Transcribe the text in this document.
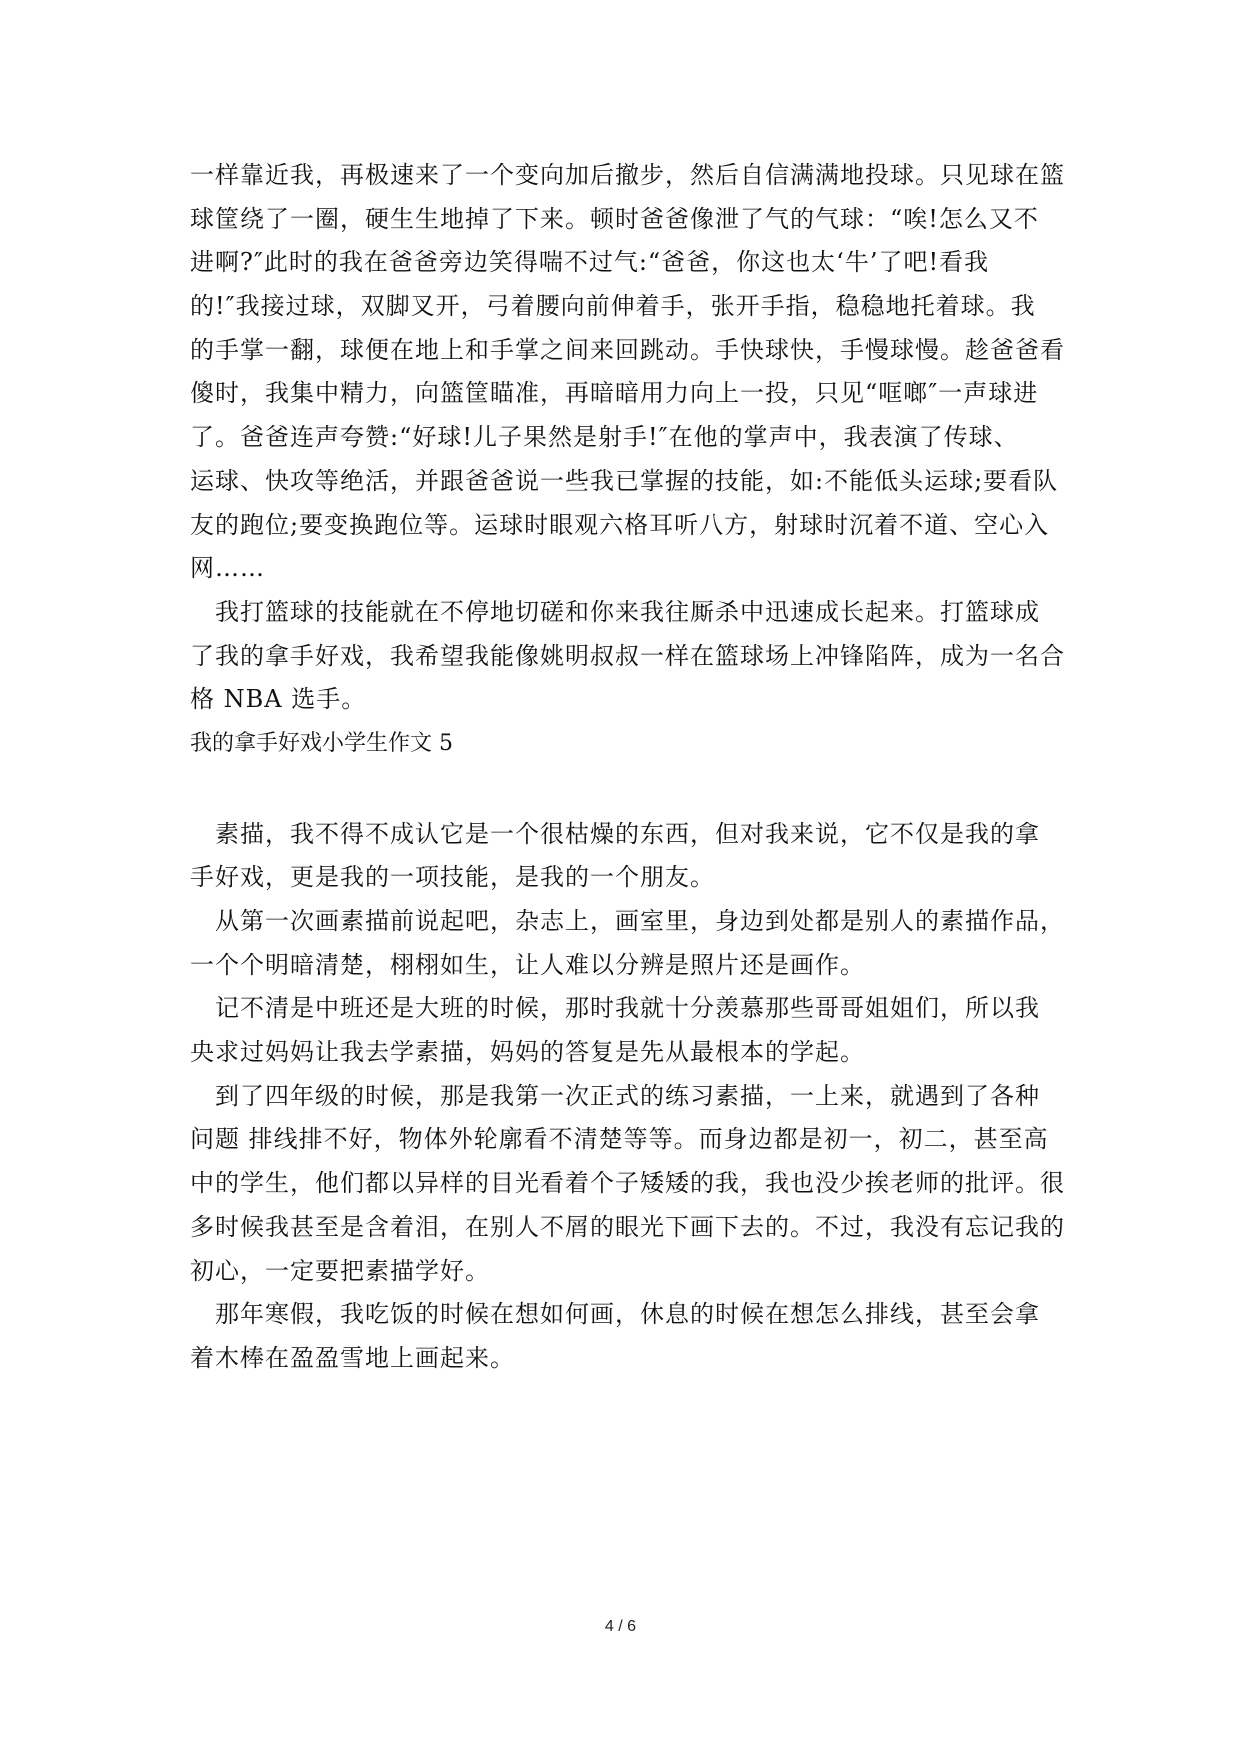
一样靠近我，再极速来了一个变向加后撤步，然后自信满满地投球。只见球在篮
球筐绕了一圈，硬生生地掉了下来。顿时爸爸像泄了气的气球：“唉!怎么又不
进啊?″此时的我在爸爸旁边笑得喘不过气:“爸爸，你这也太‘牛’了吧!看我
的!″我接过球，双脚叉开，弓着腰向前伸着手，张开手指，稳稳地托着球。我
的手掌一翻，球便在地上和手掌之间来回跳动。手快球快，手慢球慢。趁爸爸看
傻时，我集中精力，向篮筐瞄准，再暗暗用力向上一投，只见“哐啷″一声球进
了。爸爸连声夸赞:“好球!儿子果然是射手!″在他的掌声中，我表演了传球、
运球、快攻等绝活，并跟爸爸说一些我已掌握的技能，如:不能低头运球;要看队
友的跑位;要变换跑位等。运球时眼观六格耳听八方，射球时沉着不道、空心入
网……
　我打篮球的技能就在不停地切磋和你来我往厮杀中迅速成长起来。打篮球成
了我的拿手好戏，我希望我能像姚明叔叔一样在篮球场上冲锋陷阵，成为一名合
格 NBA 选手。
我的拿手好戏小学生作文 5
　素描，我不得不成认它是一个很枯燥的东西，但对我来说，它不仅是我的拿
手好戏，更是我的一项技能，是我的一个朋友。
　从第一次画素描前说起吧，杂志上，画室里，身边到处都是别人的素描作品，
一个个明暗清楚，栩栩如生，让人难以分辨是照片还是画作。
　记不清是中班还是大班的时候，那时我就十分羡慕那些哥哥姐姐们，所以我
央求过妈妈让我去学素描，妈妈的答复是先从最根本的学起。
　到了四年级的时候，那是我第一次正式的练习素描，一上来，就遇到了各种
问题 排线排不好，物体外轮廓看不清楚等等。而身边都是初一，初二，甚至高
中的学生，他们都以异样的目光看着个子矮矮的我，我也没少挨老师的批评。很
多时候我甚至是含着泪，在别人不屑的眼光下画下去的。不过，我没有忘记我的
初心，一定要把素描学好。
　那年寒假，我吃饭的时候在想如何画，休息的时候在想怎么排线，甚至会拿
着木棒在盈盈雪地上画起来。
4 / 6
